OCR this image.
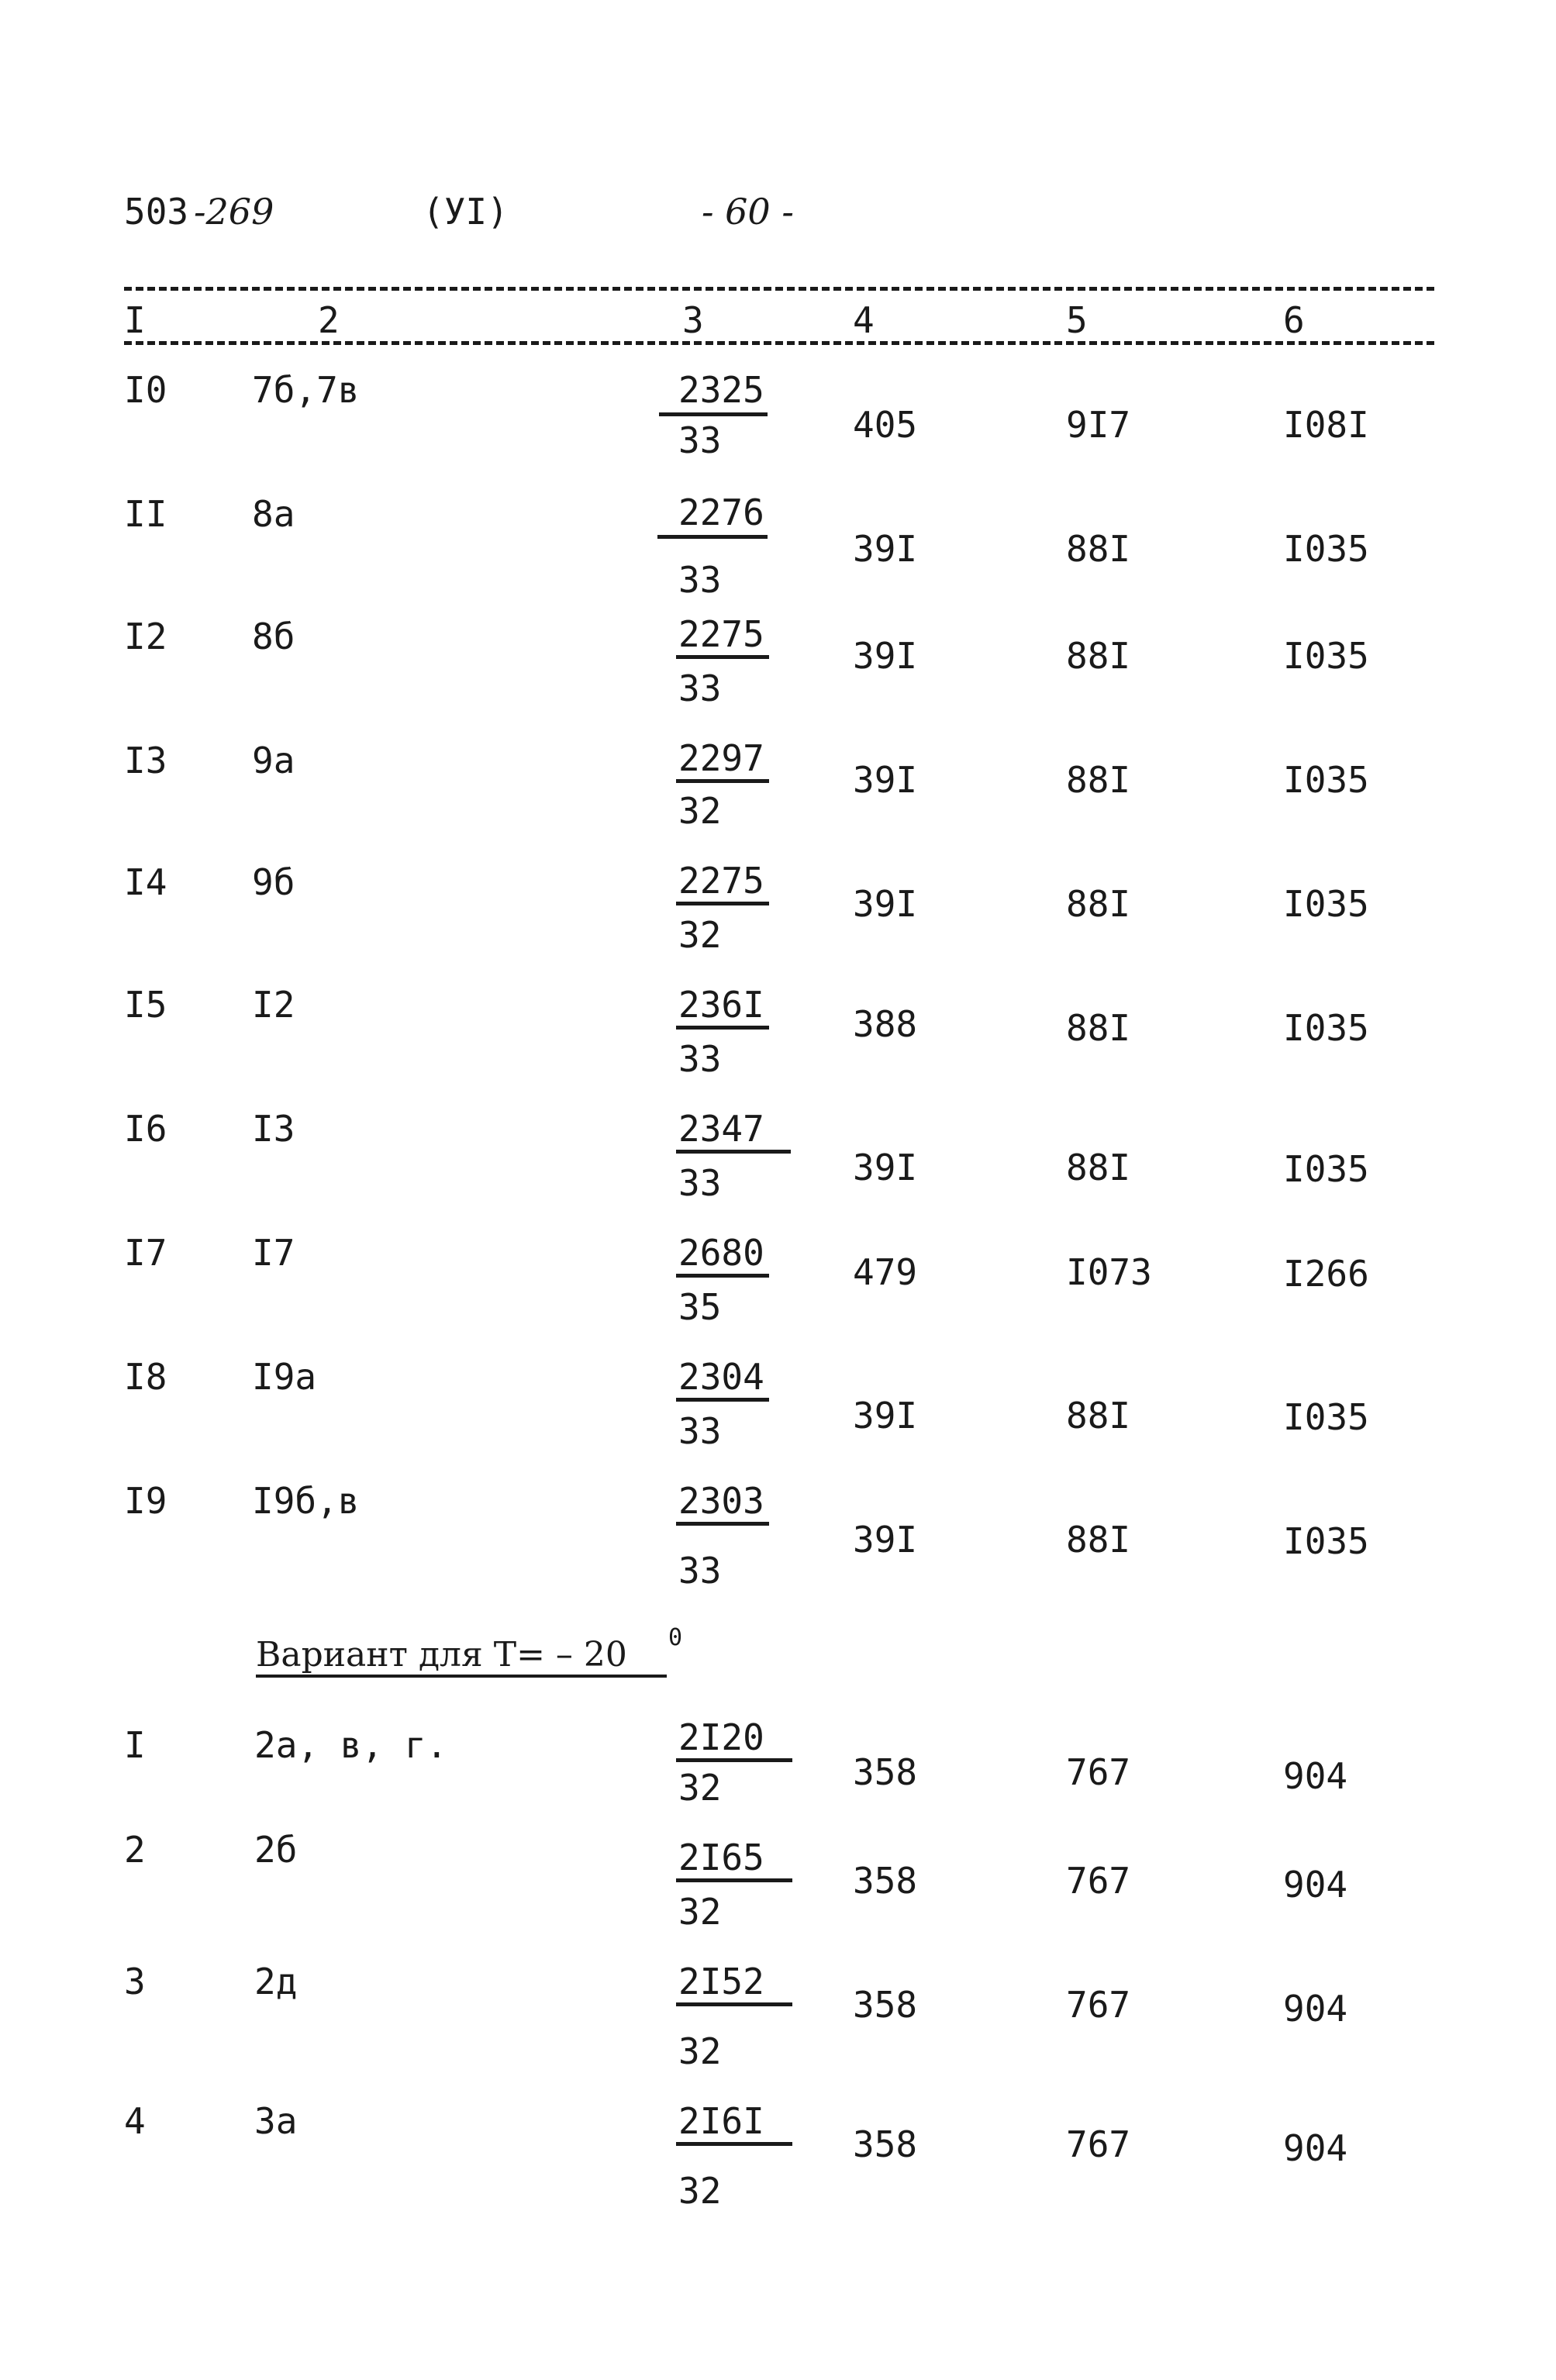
503 -269	(УI)	- 60 -
I	2	3	4	5	6
I0 7б,7в	2325
33	405	9I7	I08I
II 8а	2276
33
39I	88I	I035
I2 8б	2275
33
39I	88I	I035
I3 9а	2297
32
39I	88I	I035
I4 9б	2275
32
39I	88I	I035
I5 I2	236I
33
388	88I	I035
I6 I3	2347
33	39I	88I	I035
I7 I7	2680
35
479	I073	I266
I8 I9а	2304
33	39I	88I	I035
I9 I9б,в	2303
33
39I	88I	I035
Вариант для Т= – 20 0
I	2а, в, г.	2I20
32	358	767	904
2	2б	2I65
32
358	767	904
3	2д	2I52
32
358	767	904
4	3а	2I6I
32
358	767	904
